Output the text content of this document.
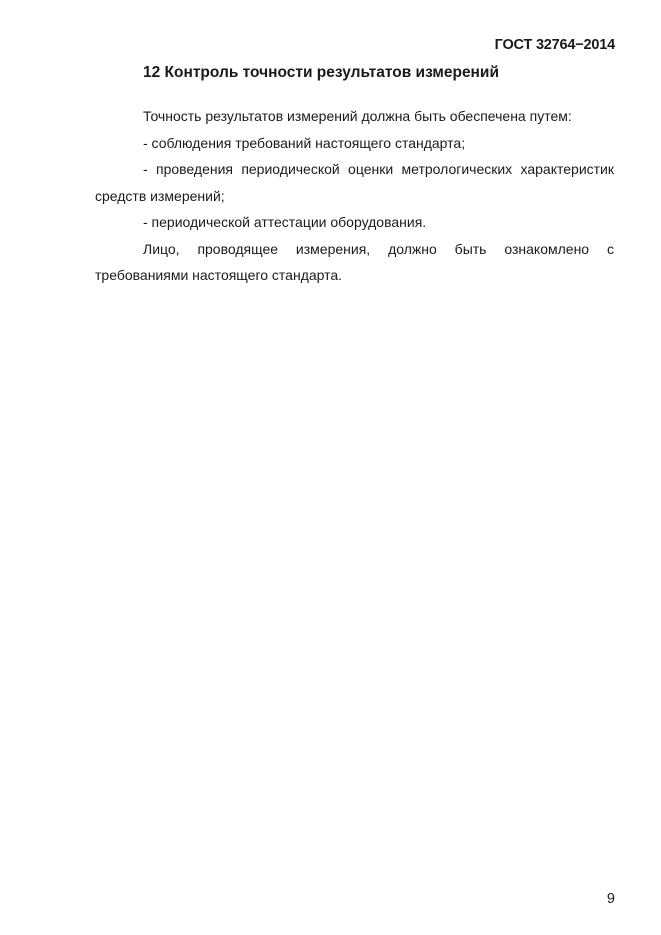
ГОСТ 32764−2014
12 Контроль точности результатов измерений

Точность результатов измерений должна быть обеспечена путем:

- соблюдения требований настоящего стандарта;

- проведения периодической оценки метрологических характеристик средств измерений;

- периодической аттестации оборудования.

Лицо, проводящее измерения, должно быть ознакомлено с требованиями настоящего стандарта.

9
